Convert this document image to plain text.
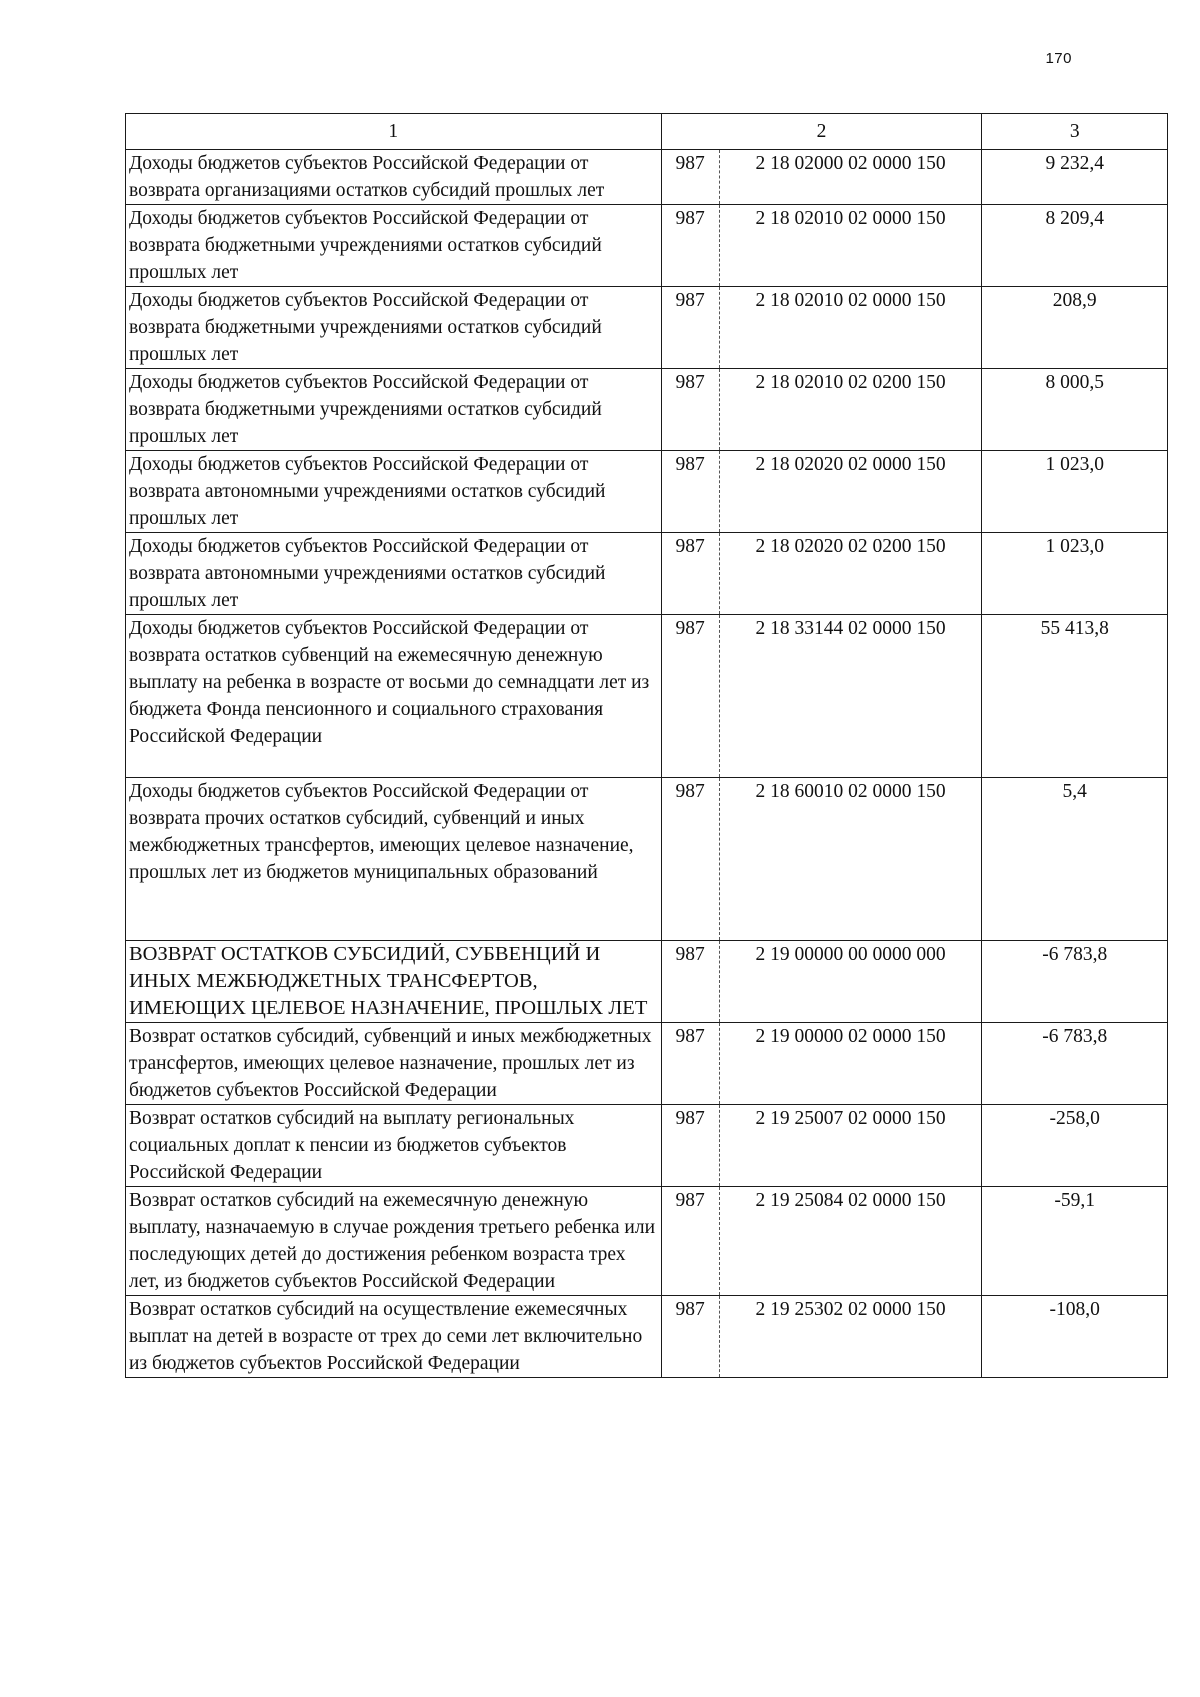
170
1	2		3
Доходы бюджетов субъектов Российской Федерации от возврата организациями остатков субсидий прошлых лет	987	2 18 02000 02 0000 150	9 232,4
Доходы бюджетов субъектов Российской Федерации от возврата бюджетными учреждениями остатков субсидий прошлых лет	987	2 18 02010 02 0000 150	8 209,4
Доходы бюджетов субъектов Российской Федерации от возврата бюджетными учреждениями остатков субсидий прошлых лет	987	2 18 02010 02 0000 150	208,9
Доходы бюджетов субъектов Российской Федерации от возврата бюджетными учреждениями остатков субсидий прошлых лет	987	2 18 02010 02 0200 150	8 000,5
Доходы бюджетов субъектов Российской Федерации от возврата автономными учреждениями остатков субсидий прошлых лет	987	2 18 02020 02 0000 150	1 023,0
Доходы бюджетов субъектов Российской Федерации от возврата автономными учреждениями остатков субсидий прошлых лет	987	2 18 02020 02 0200 150	1 023,0
Доходы бюджетов субъектов Российской Федерации от возврата остатков субвенций на ежемесячную денежную выплату на ребенка в возрасте от восьми до семнадцати лет из бюджета Фонда пенсионного и социального страхования Российской Федерации	987	2 18 33144 02 0000 150	55 413,8
Доходы бюджетов субъектов Российской Федерации от возврата прочих остатков субсидий, субвенций и иных межбюджетных трансфертов, имеющих целевое назначение, прошлых лет из бюджетов муниципальных образований	987	2 18 60010 02 0000 150	5,4
ВОЗВРАТ ОСТАТКОВ СУБСИДИЙ, СУБВЕНЦИЙ И ИНЫХ МЕЖБЮДЖЕТНЫХ ТРАНСФЕРТОВ, ИМЕЮЩИХ ЦЕЛЕВОЕ НАЗНАЧЕНИЕ, ПРОШЛЫХ ЛЕТ	987	2 19 00000 00 0000 000	-6 783,8
Возврат остатков субсидий, субвенций и иных межбюджетных трансфертов, имеющих целевое назначение, прошлых лет из бюджетов субъектов Российской Федерации	987	2 19 00000 02 0000 150	-6 783,8
Возврат остатков субсидий на выплату региональных социальных доплат к пенсии из бюджетов субъектов Российской Федерации	987	2 19 25007 02 0000 150	-258,0
Возврат остатков субсидий на ежемесячную денежную выплату, назначаемую в случае рождения третьего ребенка или последующих детей до достижения ребенком возраста трех лет, из бюджетов субъектов Российской Федерации	987	2 19 25084 02 0000 150	-59,1
Возврат остатков субсидий на осуществление ежемесячных выплат на детей в возрасте от трех до семи лет включительно из бюджетов субъектов Российской Федерации	987	2 19 25302 02 0000 150	-108,0
